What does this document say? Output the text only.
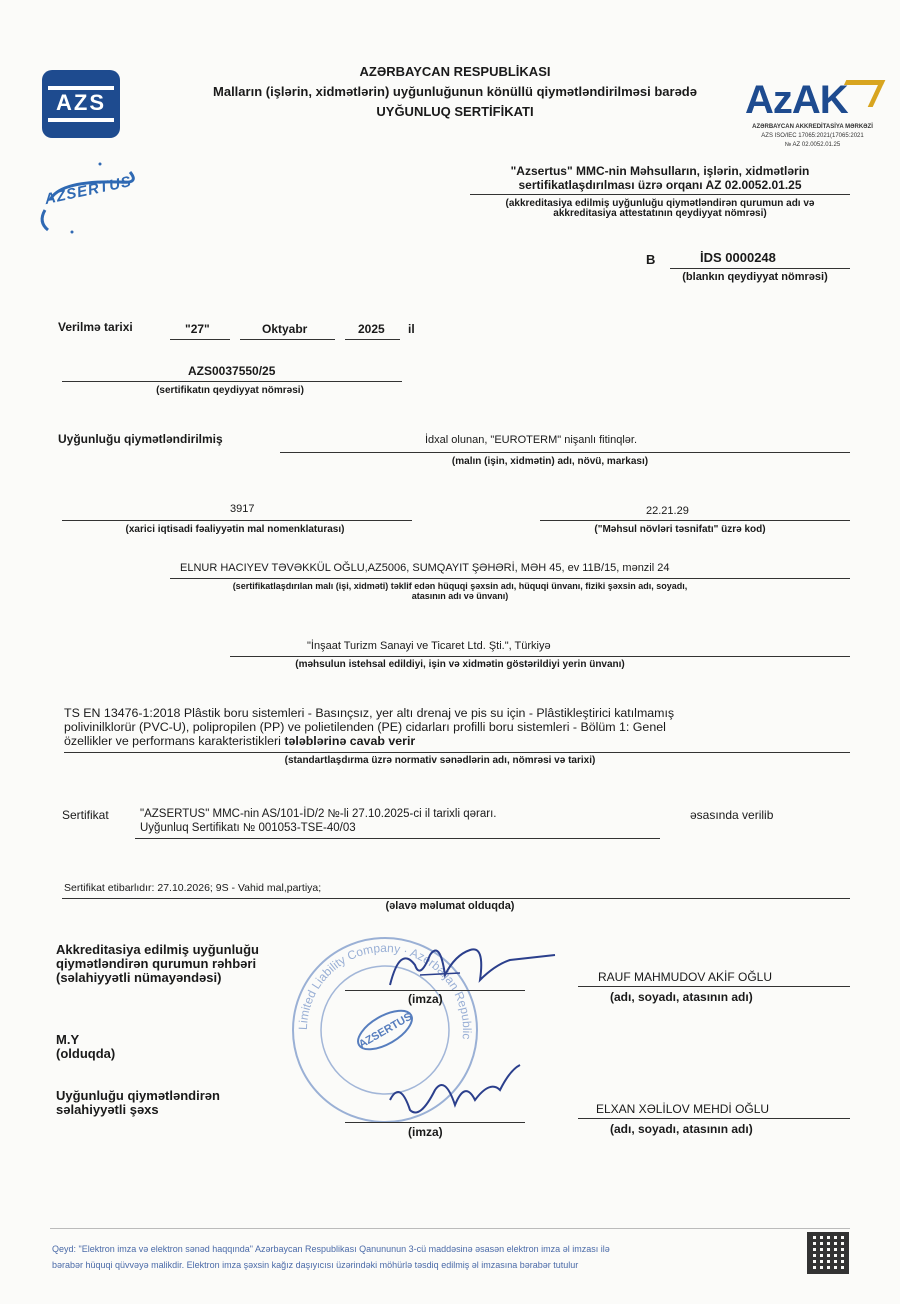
AZS
AZSERTUS
AzAK
AZƏRBAYCAN AKKREDİTASİYA MƏRKƏZİ
AZS ISO/IEC 17065:2021(17065:2021
№ AZ 02.0052.01.25
AZƏRBAYCAN RESPUBLİKASI
Malların (işlərin, xidmətlərin) uyğunluğunun könüllü qiymətləndirilməsi barədə
UYĞUNLUQ SERTİFİKATI
"Azsertus" MMC-nin Məhsulların, işlərin, xidmətlərin
sertifikatlaşdırılması üzrə orqanı AZ 02.0052.01.25
(akkreditasiya edilmiş uyğunluğu qiymətləndirən qurumun adı və
akkreditasiya attestatının qeydiyyat nömrəsi)
B	İDS 0000248
(blankın qeydiyyat nömrəsi)
Verilmə tarixi	"27"	Oktyabr	2025 il
AZS0037550/25
(sertifikatın qeydiyyat nömrəsi)
Uyğunluğu qiymətləndirilmiş	İdxal olunan, "EUROTERM" nişanlı fitinqlər.
(malın (işin, xidmətin) adı, növü, markası)
3917
(xarici iqtisadi fəaliyyətin mal nomenklaturası)
22.21.29
("Məhsul növləri təsnifatı" üzrə kod)
ELNUR HACIYEV TƏVƏKKÜL OĞLU,AZ5006, SUMQAYIT ŞƏHƏRİ, MƏH 45, ev 11B/15, mənzil 24
(sertifikatlaşdırılan malı (işi, xidməti) təklif edən hüquqi şəxsin adı, hüquqi ünvanı, fiziki şəxsin adı, soyadı,
atasının adı və ünvanı)
"İnşaat Turizm Sanayi ve Ticaret Ltd. Şti.", Türkiyə
(məhsulun istehsal edildiyi, işin və xidmətin göstərildiyi yerin ünvanı)
TS EN 13476-1:2018 Plâstik boru sistemleri - Basınçsız, yer altı drenaj ve pis su için - Plâstikleştirici katılmamış
polivinilklorür (PVC-U), polipropilen (PP) ve polietilenden (PE) cidarları profilli boru sistemleri - Bölüm 1: Genel
özellikler ve performans karakteristikleri tələblərinə cavab verir
(standartlaşdırma üzrə normativ sənədlərin adı, nömrəsi və tarixi)
Sertifikat	"AZSERTUS" MMC-nin AS/101-İD/2 №-li 27.10.2025-ci il tarixli qərarı.
Uyğunluq Sertifikatı № 001053-TSE-40/03
əsasında verilib
Sertifikat etibarlıdır: 27.10.2026; 9S - Vahid mal,partiya;
(əlavə məlumat olduqda)
Limited Liability Company · Azerbaijan Republic
AZSERTUS
Akkreditasiya edilmiş uyğunluğu
qiymətləndirən qurumun rəhbəri
(səlahiyyətli nümayəndəsi)
(imza)
RAUF MAHMUDOV AKİF OĞLU
(adı, soyadı, atasının adı)
M.Y
(olduqda)
Uyğunluğu qiymətləndirən
səlahiyyətli şəxs
(imza)
ELXAN XƏLİLOV MEHDİ OĞLU
(adı, soyadı, atasının adı)
Qeyd: "Elektron imza və elektron sənəd haqqında" Azərbaycan Respublikası Qanununun 3-cü maddəsinə əsasən elektron imza əl imzası ilə
bərabər hüquqi qüvvəyə malikdir. Elektron imza şəxsin kağız daşıyıcısı üzərindəki möhürlə təsdiq edilmiş əl imzasına bərabər tutulur
